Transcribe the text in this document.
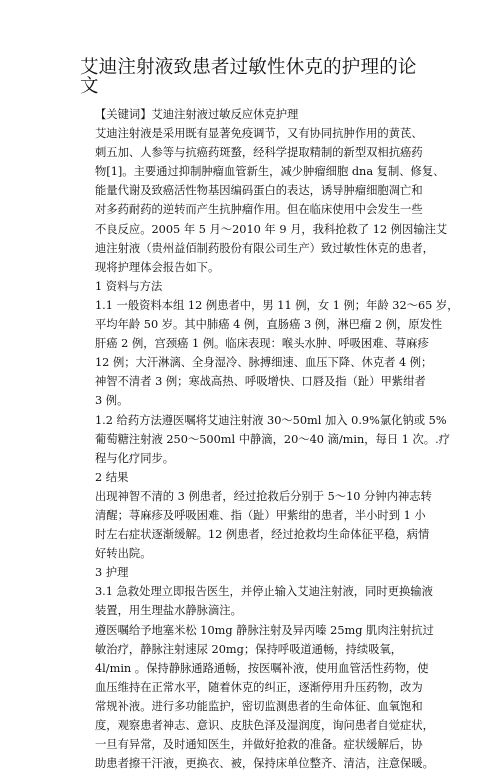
艾迪注射液致患者过敏性休克的护理的论
文
【关键词】艾迪注射液过敏反应休克护理
艾迪注射液是采用既有显著免疫调节，又有协同抗肿作用的黄芪、
刺五加、人参等与抗癌药斑蝥，经科学提取精制的新型双相抗癌药
物[1]。主要通过抑制肿瘤血管新生，减少肿瘤细胞 dna 复制、修复、
能量代谢及致癌活性物基因编码蛋白的表达，诱导肿瘤细胞凋亡和
对多药耐药的逆转而产生抗肿瘤作用。但在临床使用中会发生一些
不良反应。2005 年 5 月～2010 年 9 月，我科抢救了 12 例因输注艾
迪注射液（贵州益佰制药股份有限公司生产）致过敏性休克的患者，
现将护理体会报告如下。
1 资料与方法
1.1 一般资料本组 12 例患者中，男 11 例，女 1 例；年龄 32～65 岁，
平均年龄 50 岁。其中肺癌 4 例，直肠癌 3 例，淋巴瘤 2 例，原发性
肝癌 2 例，宫颈癌 1 例。临床表现：喉头水肿、呼吸困难、荨麻疹
12 例；大汗淋漓、全身湿冷、脉搏细速、血压下降、休克者 4 例；
神智不清者 3 例；寒战高热、呼吸增快、口唇及指（趾）甲紫绀者
3 例。
1.2 给药方法遵医嘱将艾迪注射液 30～50ml 加入 0.9%氯化钠或 5%
葡萄糖注射液 250～500ml 中静滴，20～40 滴/min，每日 1 次。.疗
程与化疗同步。
2 结果
出现神智不清的 3 例患者，经过抢救后分别于 5～10 分钟内神志转
清醒；荨麻疹及呼吸困难、指（趾）甲紫绀的患者，半小时到 1 小
时左右症状逐渐缓解。12 例患者，经过抢救均生命体征平稳，病情
好转出院。
3 护理
3.1 急救处理立即报告医生，并停止输入艾迪注射液，同时更换输液
装置，用生理盐水静脉滴注。
遵医嘱给予地塞米松 10mg 静脉注射及异丙嗪 25mg 肌肉注射抗过
敏治疗，静脉注射速尿 20mg；保持呼吸道通畅，持续吸氧，
4l/min 。保持静脉通路通畅，按医嘱补液，使用血管活性药物，使
血压维持在正常水平，随着休克的纠正，逐渐停用升压药物，改为
常规补液。进行多功能监护，密切监测患者的生命体征、血氧饱和
度，观察患者神志、意识、皮肤色泽及湿润度，询问患者自觉症状，
一旦有异常，及时通知医生，并做好抢救的准备。症状缓解后，协
助患者擦干汗液，更换衣、被，保持床单位整齐、清洁，注意保暖。
